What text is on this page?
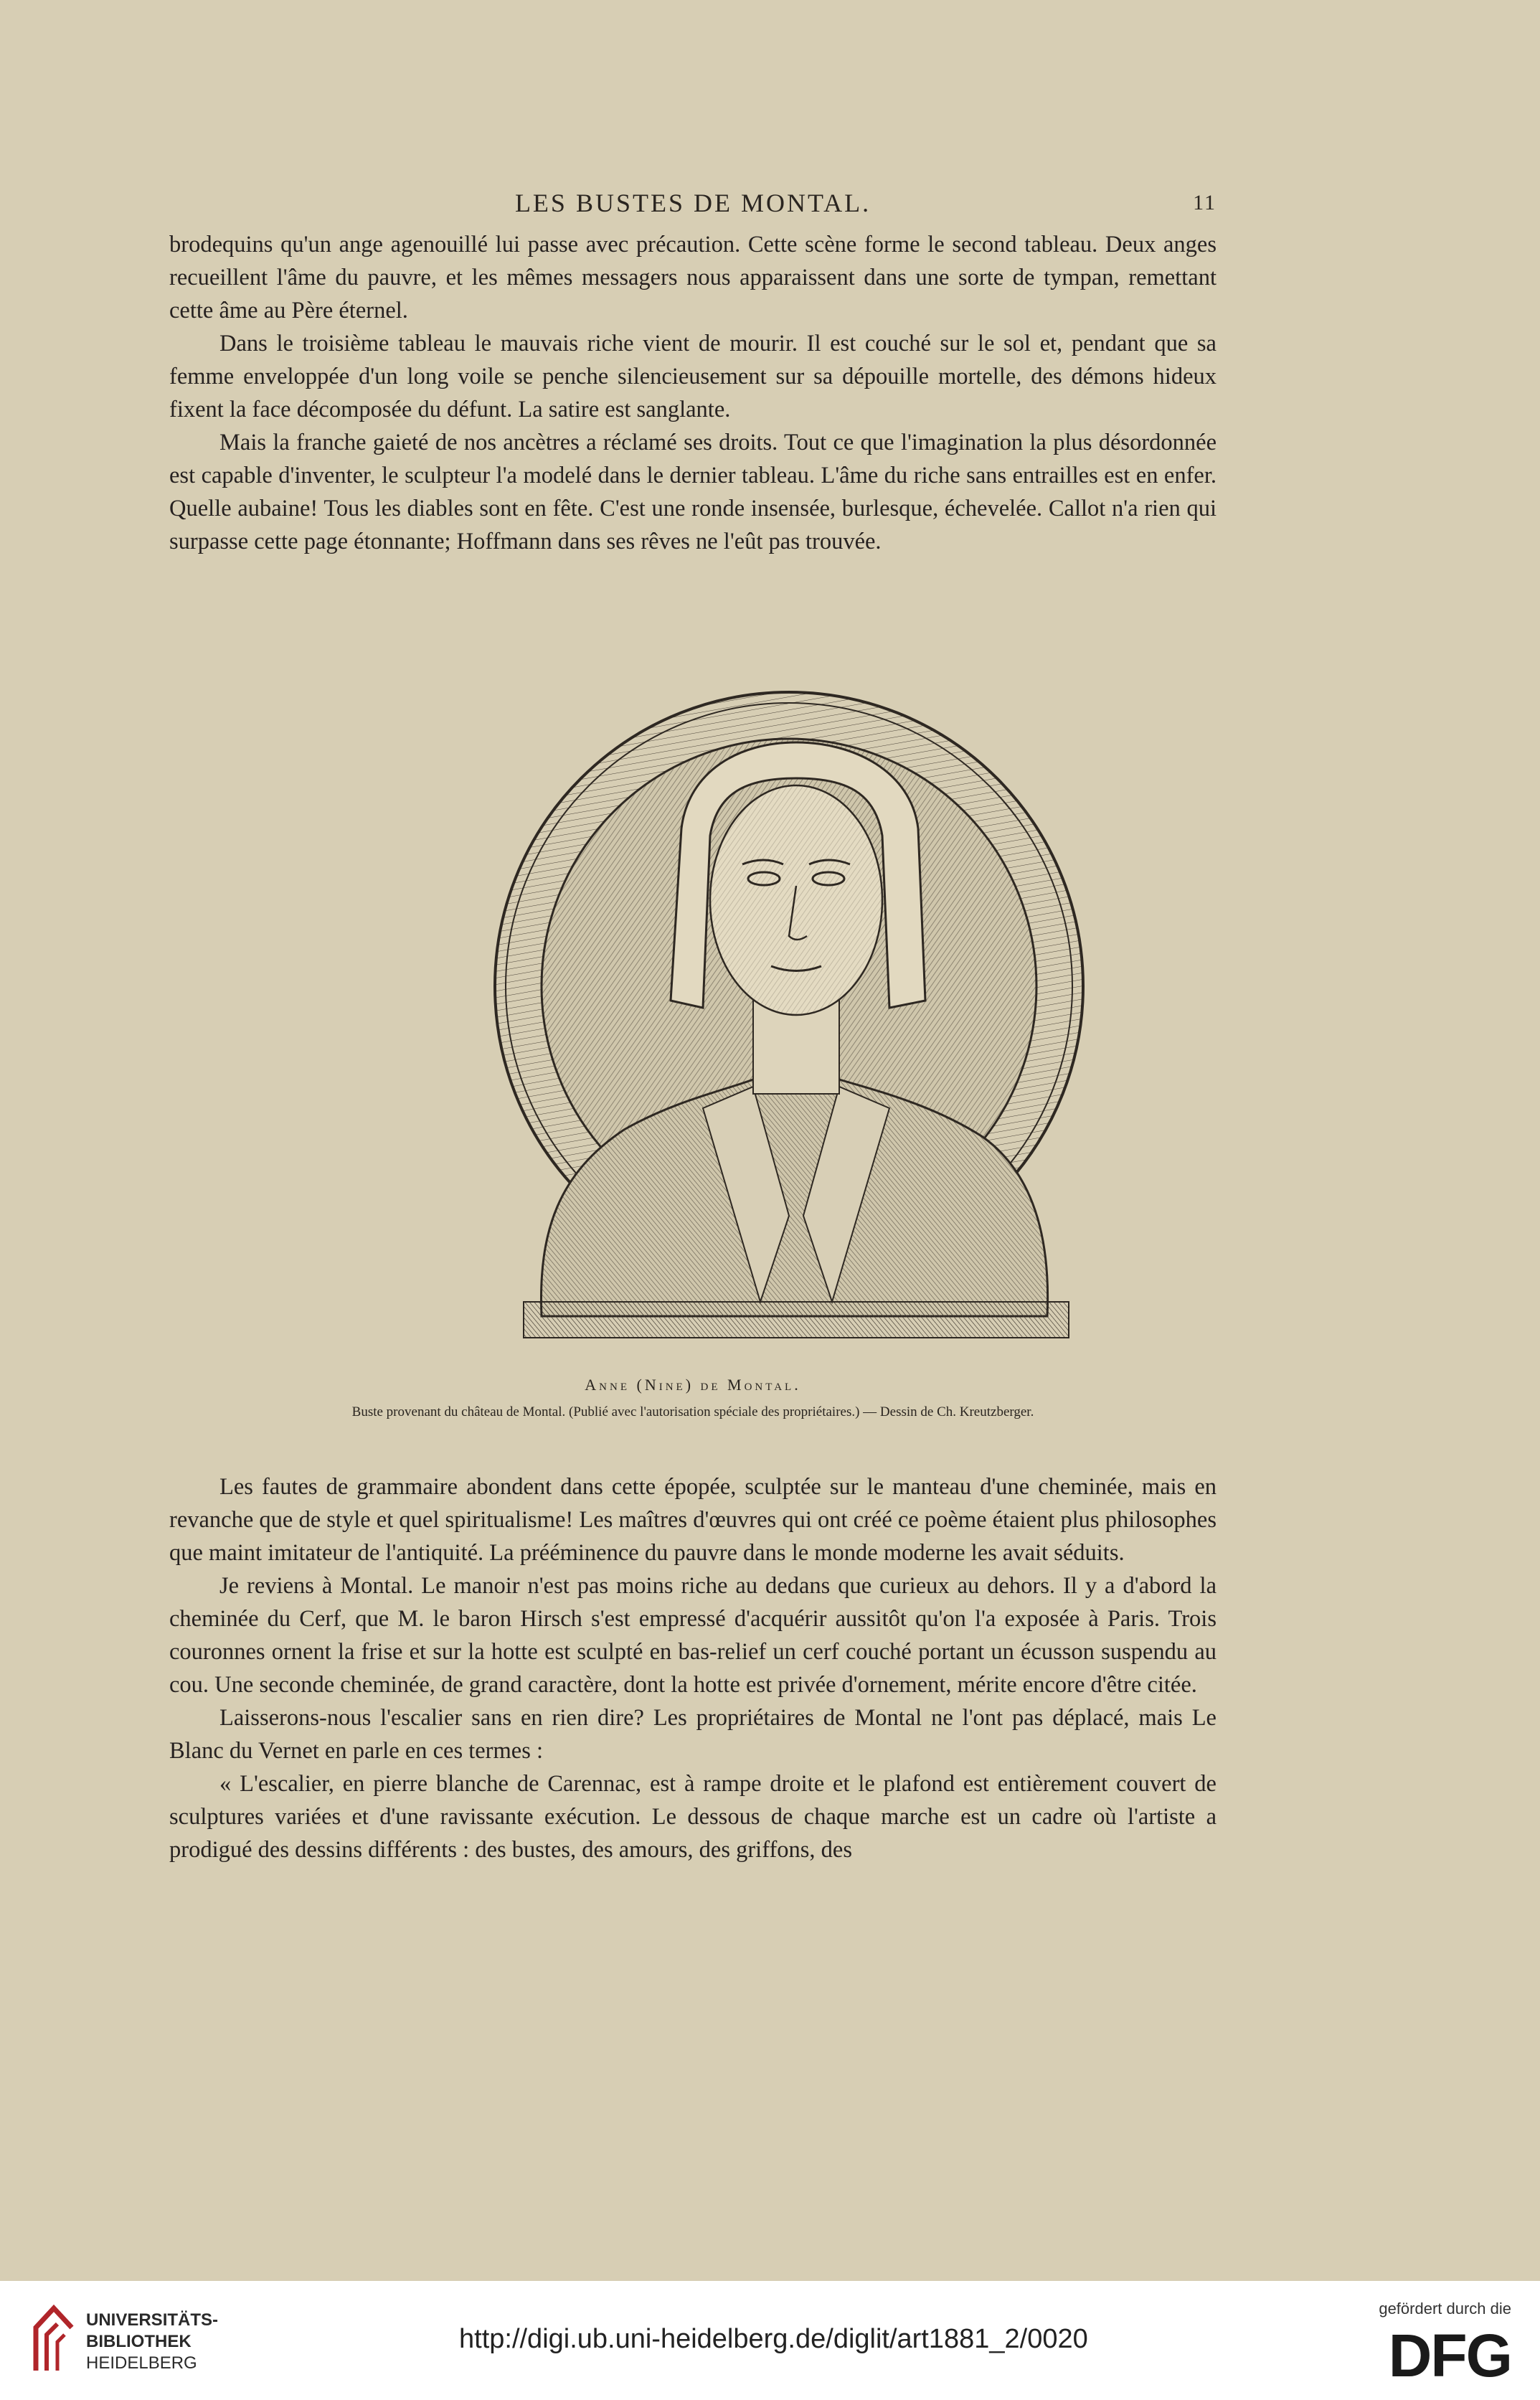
LES BUSTES DE MONTAL.	11

brodequins qu'un ange agenouillé lui passe avec précaution. Cette scène forme le second tableau. Deux anges recueillent l'âme du pauvre, et les mêmes messagers nous apparaissent dans une sorte de tympan, remettant cette âme au Père éternel.

Dans le troisième tableau le mauvais riche vient de mourir. Il est couché sur le sol et, pendant que sa femme enveloppée d'un long voile se penche silencieusement sur sa dépouille mortelle, des démons hideux fixent la face décomposée du défunt. La satire est sanglante.

Mais la franche gaieté de nos ancètres a réclamé ses droits. Tout ce que l'imagination la plus désordonnée est capable d'inventer, le sculpteur l'a modelé dans le dernier tableau. L'âme du riche sans entrailles est en enfer. Quelle aubaine! Tous les diables sont en fête. C'est une ronde insensée, burlesque, échevelée. Callot n'a rien qui surpasse cette page étonnante; Hoffmann dans ses rêves ne l'eût pas trouvée.

Anne (Nine) de Montal.
Buste provenant du château de Montal. (Publié avec l'autorisation spéciale des propriétaires.) — Dessin de Ch. Kreutzberger.

Les fautes de grammaire abondent dans cette épopée, sculptée sur le manteau d'une cheminée, mais en revanche que de style et quel spiritualisme! Les maîtres d'œuvres qui ont créé ce poème étaient plus philosophes que maint imitateur de l'antiquité. La prééminence du pauvre dans le monde moderne les avait séduits.

Je reviens à Montal. Le manoir n'est pas moins riche au dedans que curieux au dehors. Il y a d'abord la cheminée du Cerf, que M. le baron Hirsch s'est empressé d'acquérir aussitôt qu'on l'a exposée à Paris. Trois couronnes ornent la frise et sur la hotte est sculpté en bas-relief un cerf couché portant un écusson suspendu au cou. Une seconde cheminée, de grand caractère, dont la hotte est privée d'ornement, mérite encore d'être citée.

Laisserons-nous l'escalier sans en rien dire? Les propriétaires de Montal ne l'ont pas déplacé, mais Le Blanc du Vernet en parle en ces termes :

« L'escalier, en pierre blanche de Carennac, est à rampe droite et le plafond est entièrement couvert de sculptures variées et d'une ravissante exécution. Le dessous de chaque marche est un cadre où l'artiste a prodigué des dessins différents : des bustes, des amours, des griffons, des

UNIVERSITÄTS-
BIBLIOTHEK
HEIDELBERG
http://digi.ub.uni-heidelberg.de/diglit/art1881_2/0020
gefördert durch die
DFG
